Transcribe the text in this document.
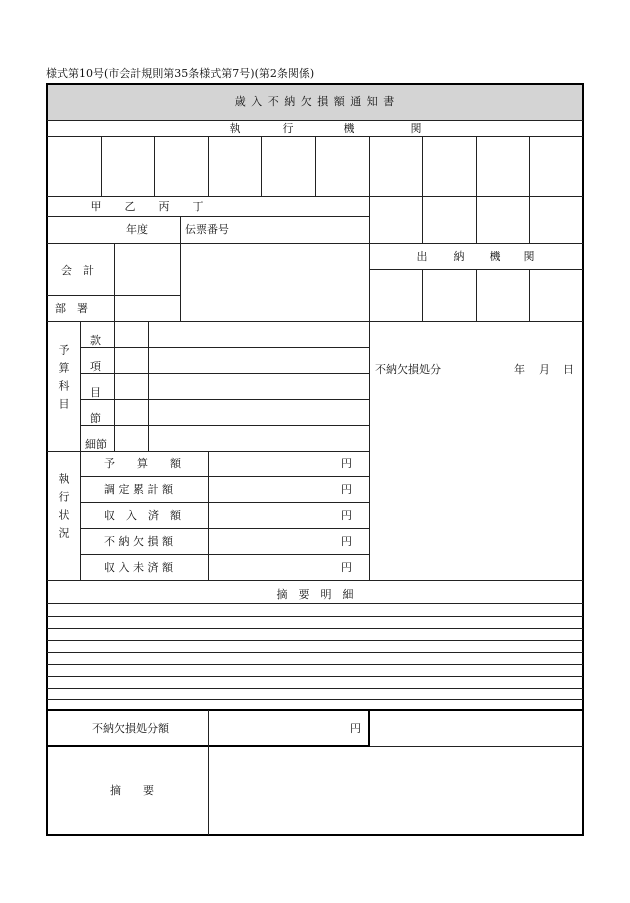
様式第10号(市会計規則第35条様式第7号)(第2条関係)
歳 入 不 納 欠 損 額 通 知 書
執	行	機	関
甲 乙 丙 丁
年度	伝票番号
会　計
部　署
出 納 機 関
予算科目
款
項
目
節
細節
不納欠損処分	年 月 日
執行状況
予　　算　　額	円
調 定 累 計 額	円
収　入　済　額	円
不 納 欠 損 額	円
収 入 未 済 額	円
摘　要　明　細
不納欠損処分額	円
摘　　要
